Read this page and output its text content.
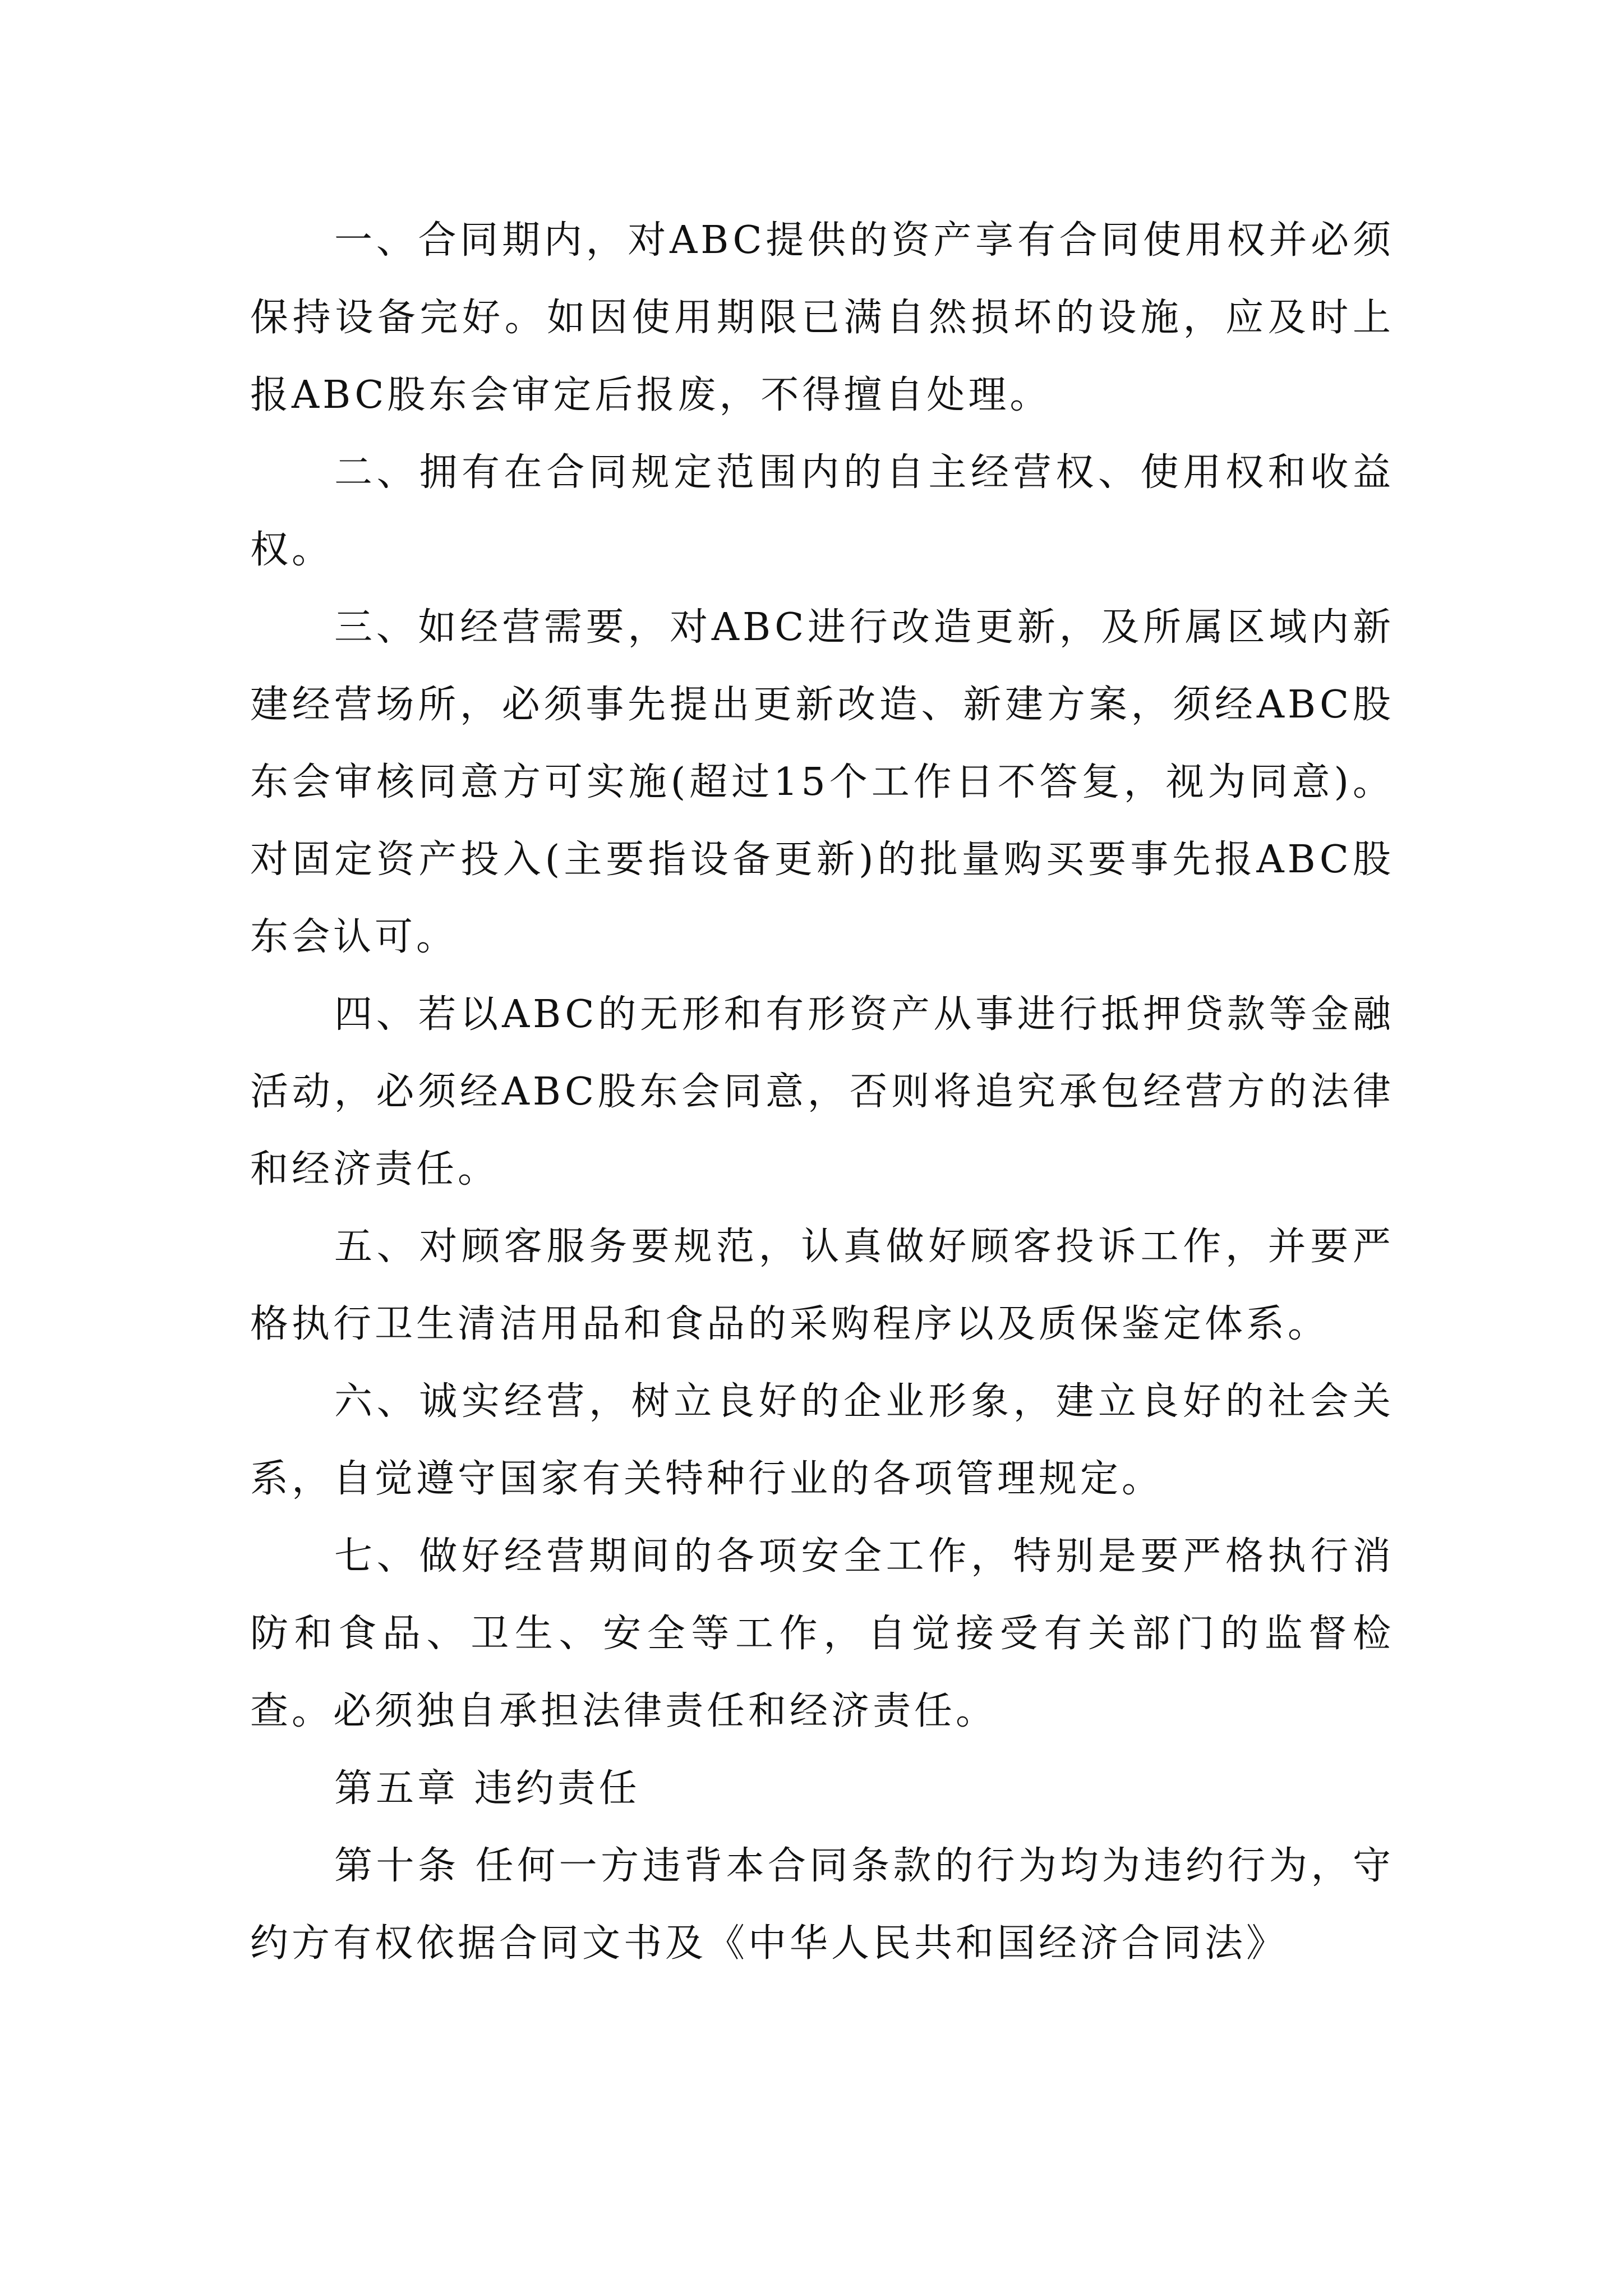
一、合同期内，对ABC提供的资产享有合同使用权并必须保持设备完好。如因使用期限已满自然损坏的设施，应及时上报ABC股东会审定后报废，不得擅自处理。

二、拥有在合同规定范围内的自主经营权、使用权和收益权。

三、如经营需要，对ABC进行改造更新，及所属区域内新建经营场所，必须事先提出更新改造、新建方案，须经ABC股东会审核同意方可实施(超过15个工作日不答复，视为同意)。对固定资产投入(主要指设备更新)的批量购买要事先报ABC股东会认可。

四、若以ABC的无形和有形资产从事进行抵押贷款等金融活动，必须经ABC股东会同意，否则将追究承包经营方的法律和经济责任。

五、对顾客服务要规范，认真做好顾客投诉工作，并要严格执行卫生清洁用品和食品的采购程序以及质保鉴定体系。

六、诚实经营，树立良好的企业形象，建立良好的社会关系，自觉遵守国家有关特种行业的各项管理规定。

七、做好经营期间的各项安全工作，特别是要严格执行消防和食品、卫生、安全等工作，自觉接受有关部门的监督检查。必须独自承担法律责任和经济责任。

第五章 违约责任

第十条 任何一方违背本合同条款的行为均为违约行为，守约方有权依据合同文书及《中华人民共和国经济合同法》
